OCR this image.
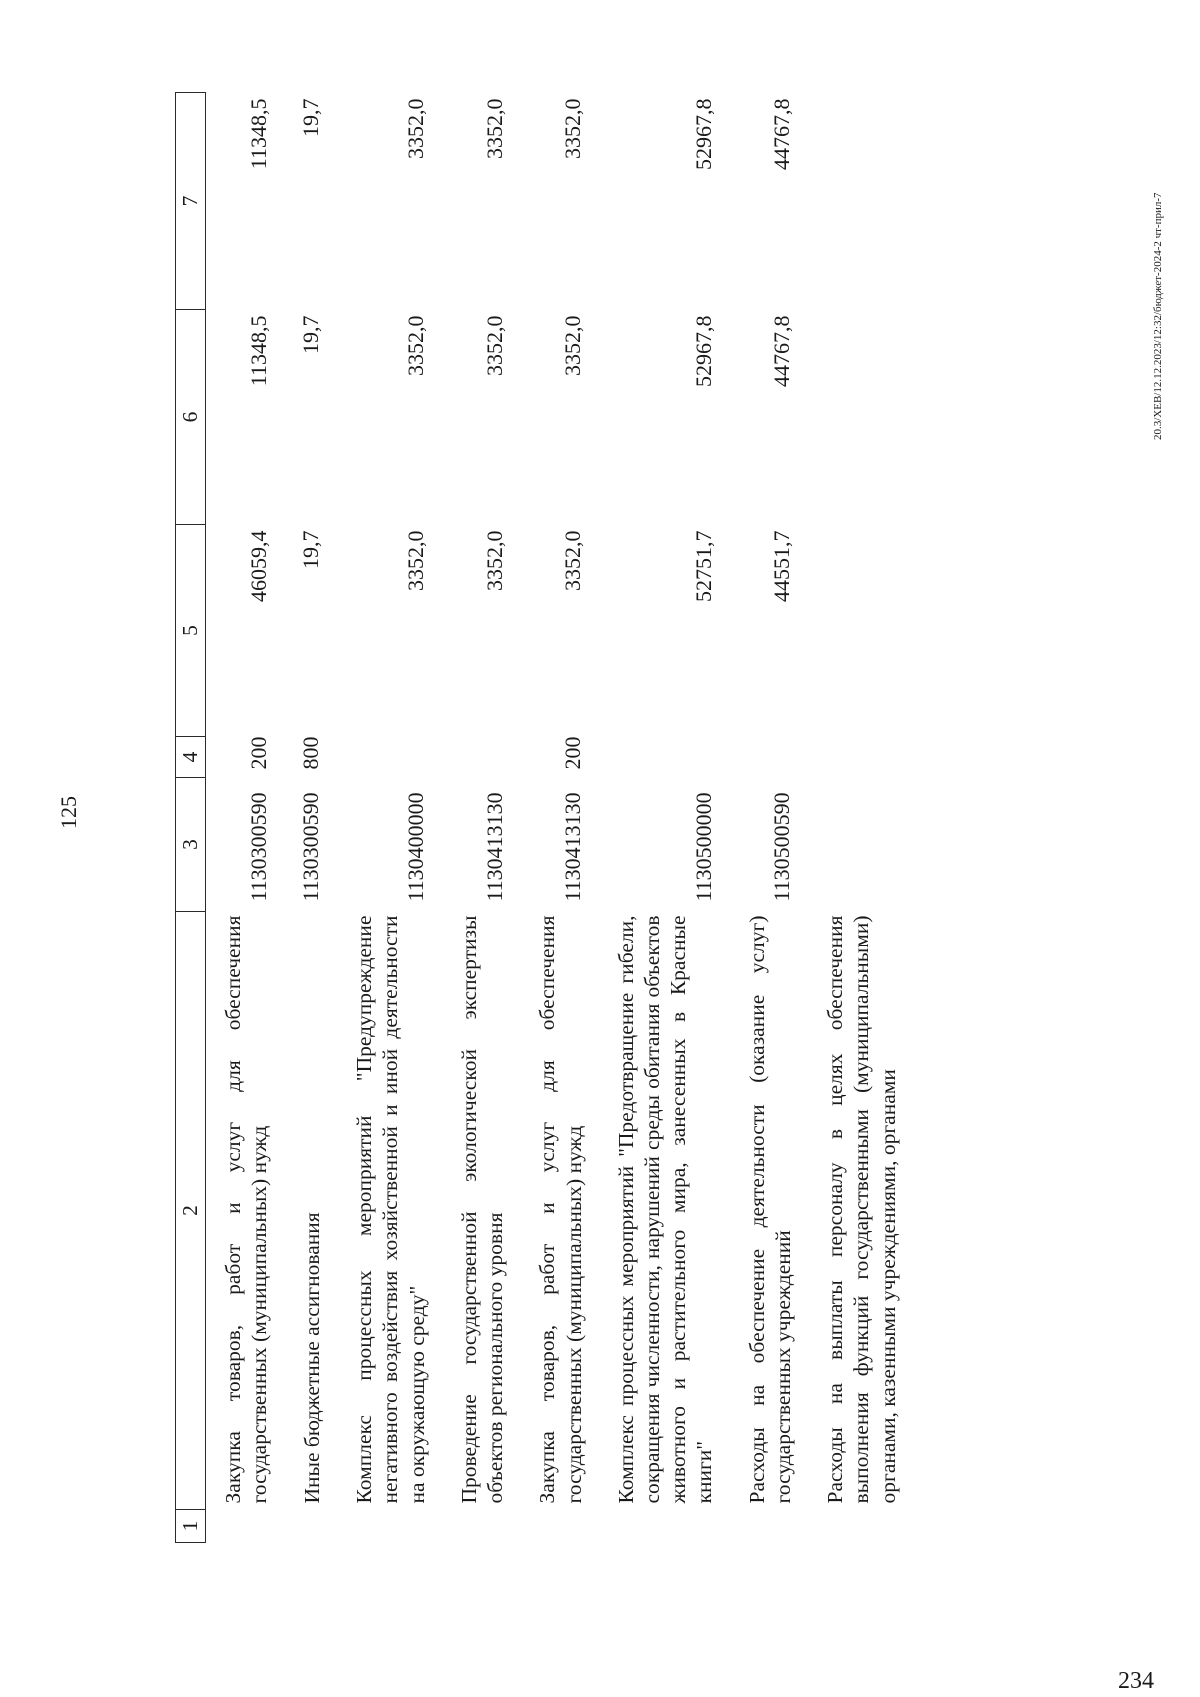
125
1	2	3	4	5	6	7
	Закупка товаров, работ и услуг для обеспечения государственных (муниципальных) нужд	1130300590	200	46059,4	11348,5	11348,5
	Иные бюджетные ассигнования	1130300590	800	19,7	19,7	19,7
	Комплекс процессных мероприятий "Предупреждение негативного воздействия хозяйственной и иной деятельности на окружающую среду"	1130400000		3352,0	3352,0	3352,0
	Проведение государственной экологической экспертизы объектов регионального уровня	1130413130		3352,0	3352,0	3352,0
	Закупка товаров, работ и услуг для обеспечения государственных (муниципальных) нужд	1130413130	200	3352,0	3352,0	3352,0
	Комплекс процессных мероприятий "Предотвращение гибели, сокращения численности, нарушений среды обитания объектов животного и растительного мира, занесенных в Красные книги"	1130500000		52751,7	52967,8	52967,8
	Расходы на обеспечение деятельности (оказание услуг) государственных учреждений	1130500590		44551,7	44767,8	44767,8
	Расходы на выплаты персоналу в целях обеспечения выполнения функций государственными (муниципальными) органами, казенными учреждениями, органами					
20.3/ХЕВ/12.12.2023/12:32/бюджет-2024-2 чт-прил-7
234
